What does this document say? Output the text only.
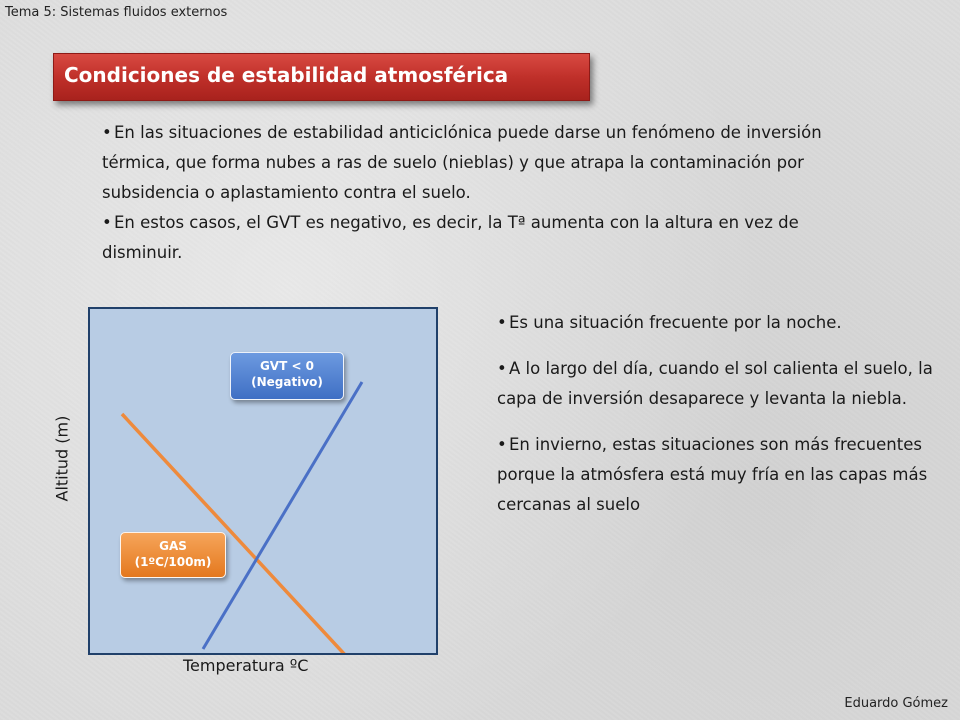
Tema 5: Sistemas fluidos externos
Condiciones de estabilidad atmosférica
• En las situaciones de estabilidad anticiclónica puede darse un fenómeno de inversión térmica, que forma nubes a ras de suelo (nieblas) y que atrapa la contaminación por subsidencia o aplastamiento contra el suelo.
• En estos casos, el GVT es negativo, es decir, la Tª aumenta con la altura en vez de disminuir.
GVT < 0
(Negativo)
GAS
(1ºC/100m)
Altitud (m)
Temperatura ºC
• Es una situación frecuente por la noche.
• A lo largo del día, cuando el sol calienta el suelo, la capa de inversión desaparece y levanta la niebla.
• En invierno, estas situaciones son más frecuentes porque la atmósfera está muy fría en las capas más cercanas al suelo
Eduardo Gómez
